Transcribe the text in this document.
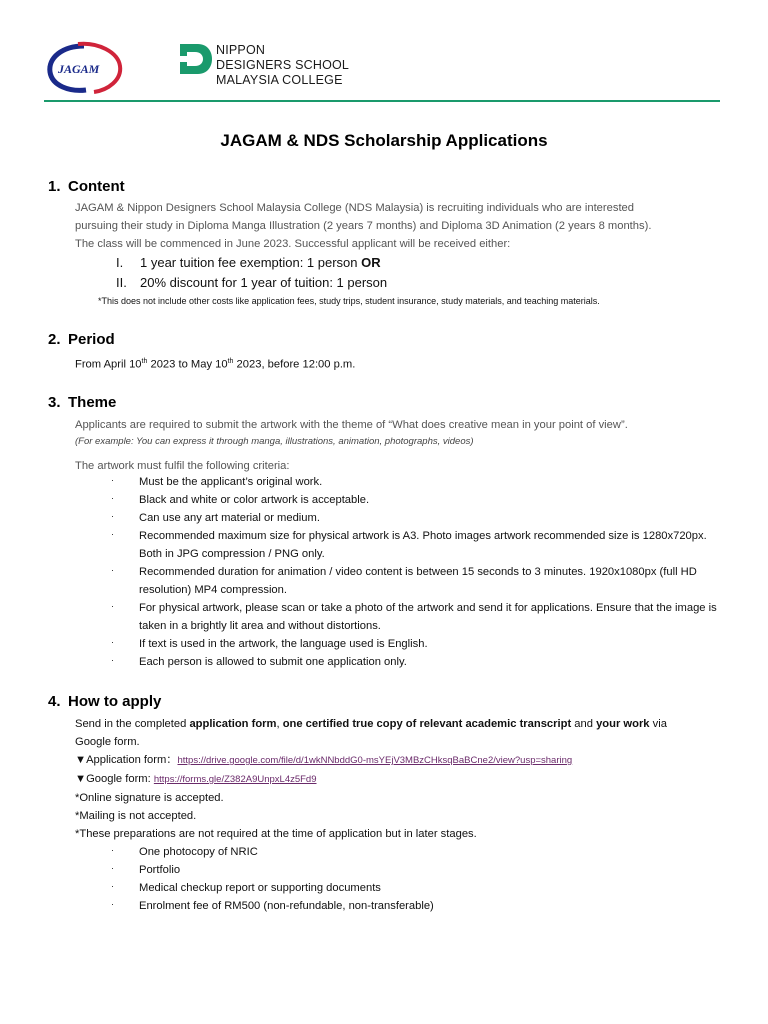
JAGAM
NIPPON
DESIGNERS SCHOOL
MALAYSIA COLLEGE
JAGAM & NDS Scholarship Applications
1. Content
JAGAM & Nippon Designers School Malaysia College (NDS Malaysia) is recruiting individuals who are interested
pursuing their study in Diploma Manga Illustration (2 years 7 months) and Diploma 3D Animation (2 years 8 months).
The class will be commenced in June 2023. Successful applicant will be received either:
I.	1 year tuition fee exemption: 1 person OR
II.	20% discount for 1 year of tuition: 1 person
*This does not include other costs like application fees, study trips, student insurance, study materials, and teaching materials.
2. Period
From April 10th 2023 to May 10th 2023, before 12:00 p.m.
3. Theme
Applicants are required to submit the artwork with the theme of “What does creative mean in your point of view”.
(For example: You can express it through manga, illustrations, animation, photographs, videos)
The artwork must fulfil the following criteria:
·	Must be the applicant’s original work.
·	Black and white or color artwork is acceptable.
·	Can use any art material or medium.
·	Recommended maximum size for physical artwork is A3. Photo images artwork recommended size is 1280x720px. Both in JPG compression / PNG only.
·	Recommended duration for animation / video content is between 15 seconds to 3 minutes. 1920x1080px (full HD resolution) MP4 compression.
·	For physical artwork, please scan or take a photo of the artwork and send it for applications. Ensure that the image is taken in a brightly lit area and without distortions.
·	If text is used in the artwork, the language used is English.
·	Each person is allowed to submit one application only.
4. How to apply
Send in the completed application form, one certified true copy of relevant academic transcript and your work via
Google form.
▼Application form：https://drive.google.com/file/d/1wkNNbddG0-msYEjV3MBzCHksqBaBCne2/view?usp=sharing
▼Google form: https://forms.gle/Z382A9UnpxL4z5Fd9
*Online signature is accepted.
*Mailing is not accepted.
*These preparations are not required at the time of application but in later stages.
·	One photocopy of NRIC
·	Portfolio
·	Medical checkup report or supporting documents
·	Enrolment fee of RM500 (non-refundable, non-transferable)
